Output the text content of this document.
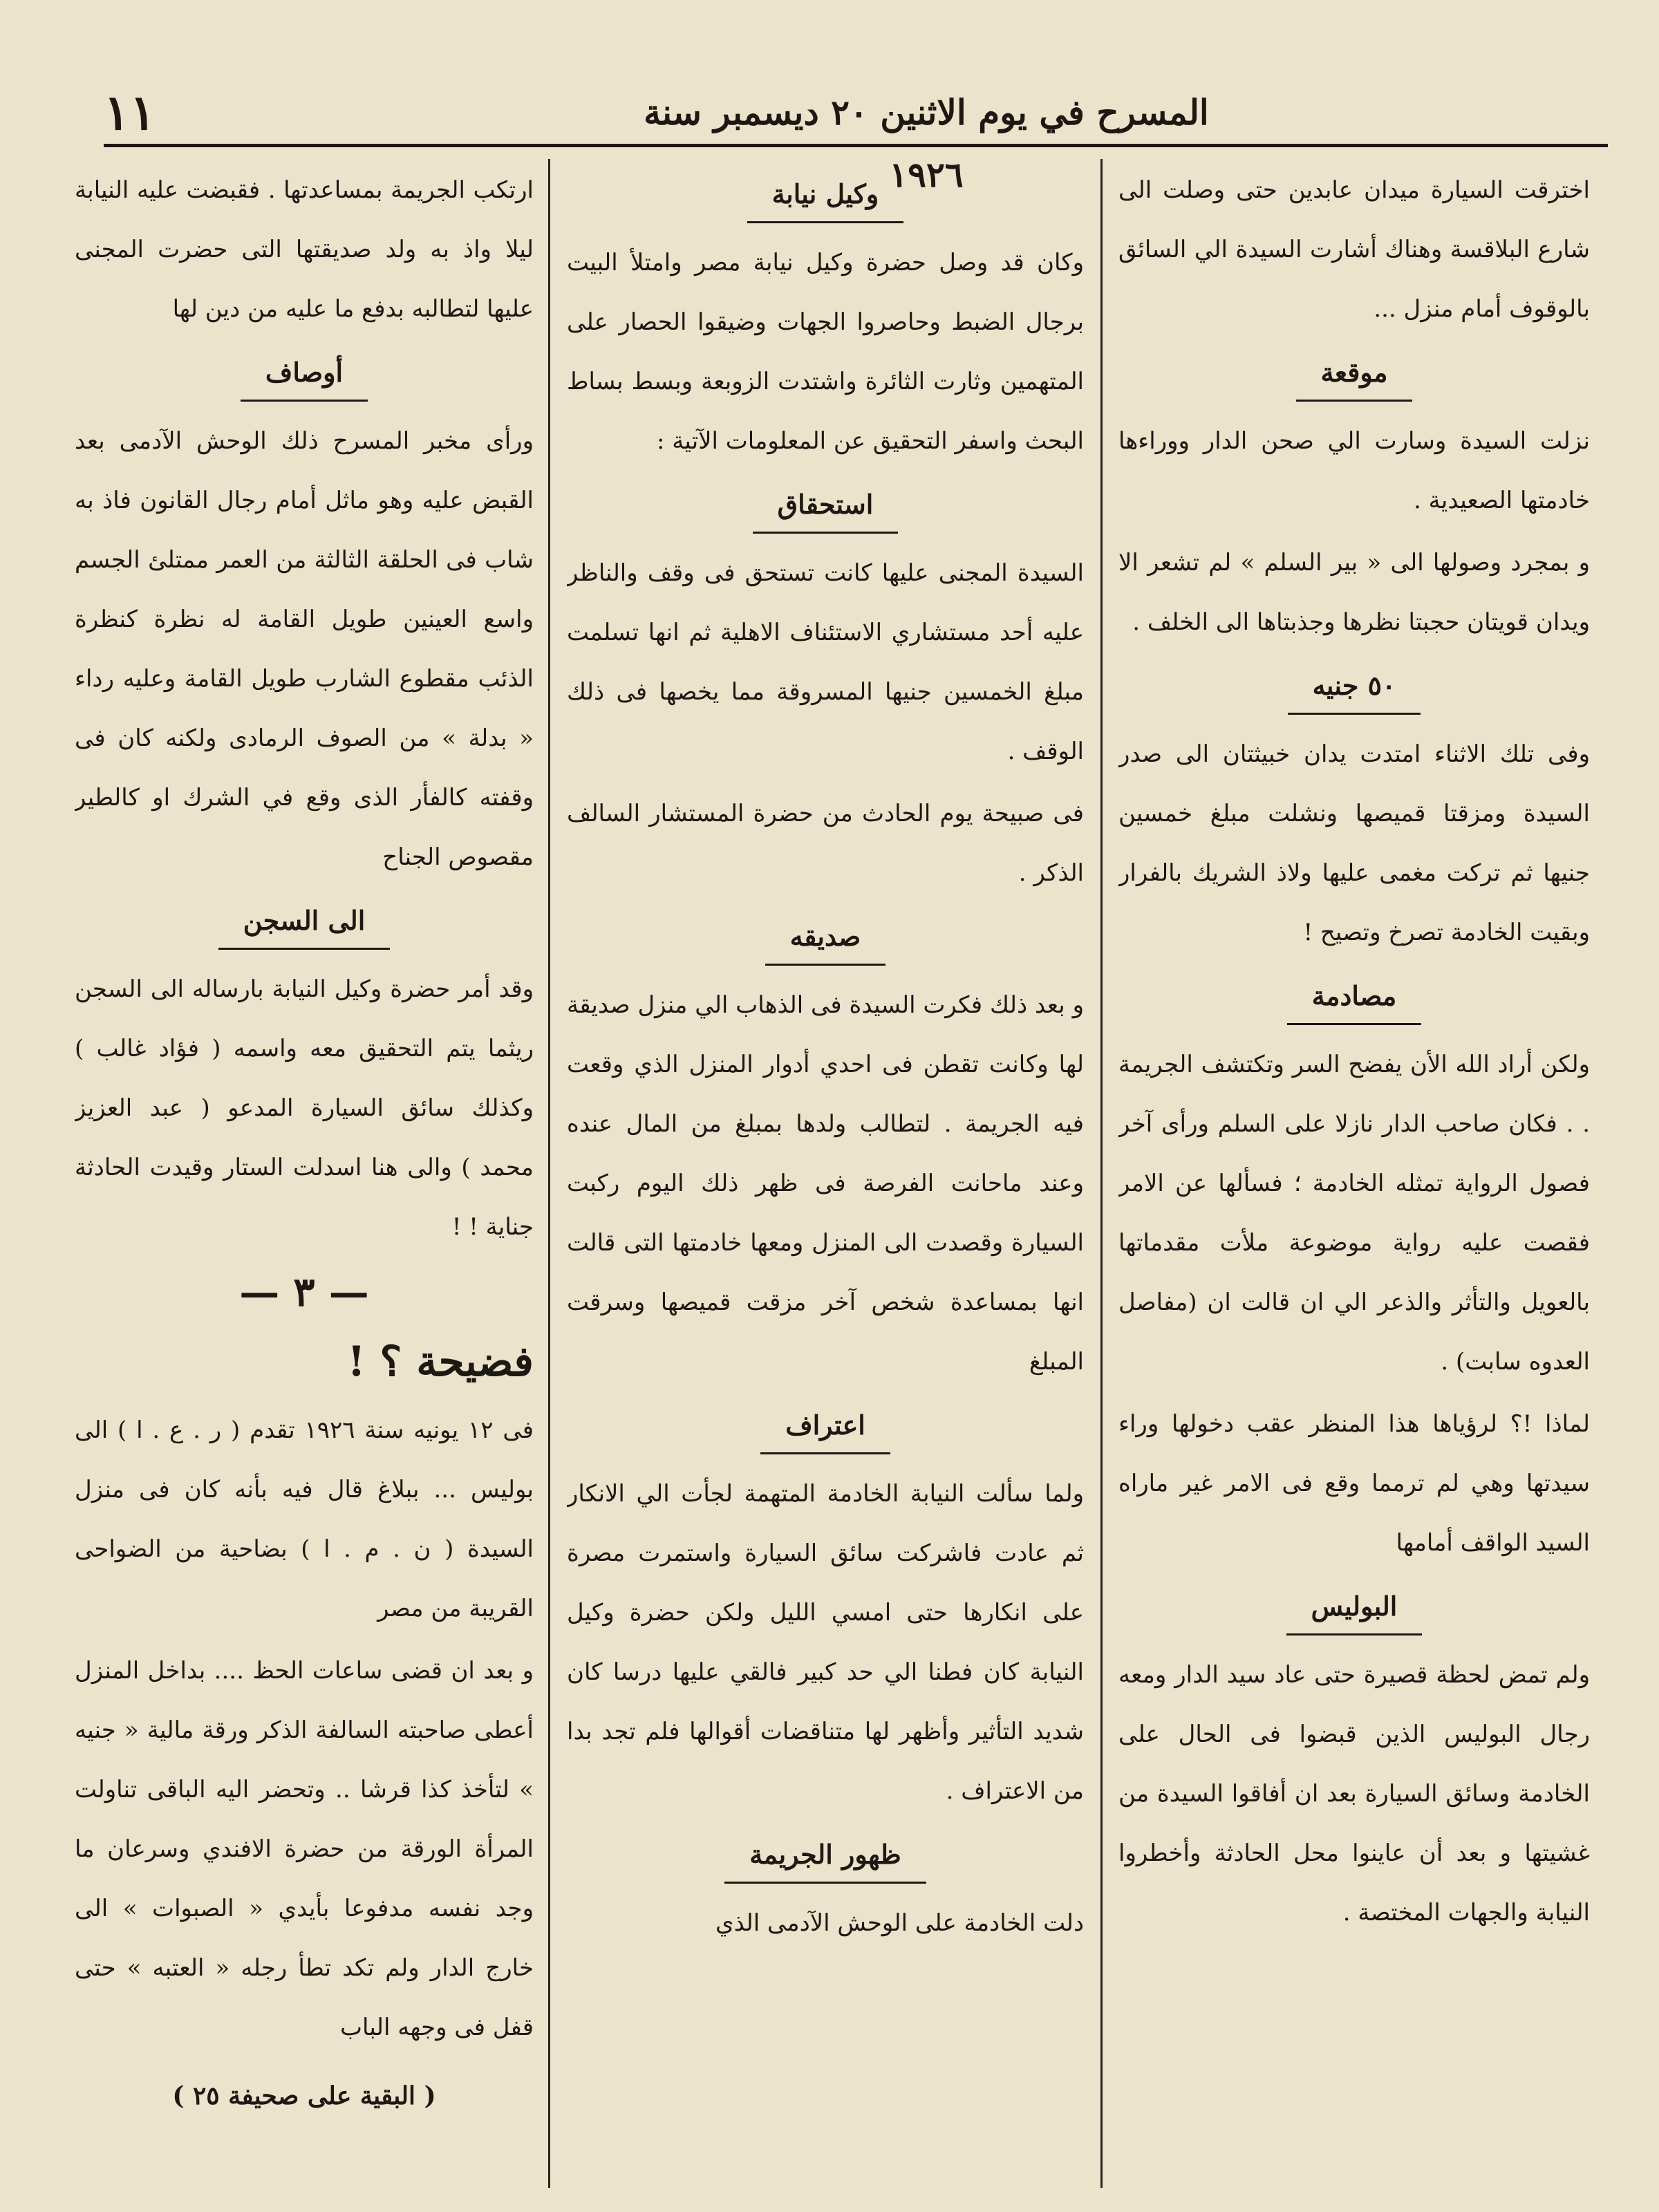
١١	المسرح في يوم الاثنين ٢٠ ديسمبر سنة ١٩٢٦	اخترقت السيارة ميدان عابدين حتى وصلت الى شارع البلاقسة وهناك أشارت السيدة الي السائق بالوقوف أمام منزل ...

موقعة

نزلت السيدة وسارت الي صحن الدار ووراءها خادمتها الصعيدية .

و بمجرد وصولها الى « بير السلم » لم تشعر الا ويدان قويتان حجبتا نظرها وجذبتاها الى الخلف .

٥٠ جنيه

وفى تلك الاثناء امتدت يدان خبيثتان الى صدر السيدة ومزقتا قميصها ونشلت مبلغ خمسين جنيها ثم تركت مغمى عليها ولاذ الشريك بالفرار وبقيت الخادمة تصرخ وتصيح !

مصادمة

ولكن أراد الله الأن يفضح السر وتكتشف الجريمة . . فكان صاحب الدار نازلا على السلم ورأى آخر فصول الرواية تمثله الخادمة ؛ فسألها عن الامر فقصت عليه رواية موضوعة ملأت مقدماتها بالعويل والتأثر والذعر الي ان قالت ان (مفاصل العدوه سابت) .

لماذا !؟ لرؤياها هذا المنظر عقب دخولها وراء سيدتها وهي لم ترمما وقع فى الامر غير ماراه السيد الواقف أمامها

البوليس

ولم تمض لحظة قصيرة حتى عاد سيد الدار ومعه رجال البوليس الذين قبضوا فى الحال على الخادمة وسائق السيارة بعد ان أفاقوا السيدة من غشيتها و بعد أن عاينوا محل الحادثة وأخطروا النيابة والجهات المختصة .

وكيل نيابة

وكان قد وصل حضرة وكيل نيابة مصر وامتلأ البيت برجال الضبط وحاصروا الجهات وضيقوا الحصار على المتهمين وثارت الثائرة واشتدت الزوبعة وبسط بساط البحث واسفر التحقيق عن المعلومات الآتية :

استحقاق

السيدة المجنى عليها كانت تستحق فى وقف والناظر عليه أحد مستشاري الاستئناف الاهلية ثم انها تسلمت مبلغ الخمسين جنيها المسروقة مما يخصها فى ذلك الوقف .

فى صبيحة يوم الحادث من حضرة المستشار السالف الذكر .

صديقه

و بعد ذلك فكرت السيدة فى الذهاب الي منزل صديقة لها وكانت تقطن فى احدي أدوار المنزل الذي وقعت فيه الجريمة . لتطالب ولدها بمبلغ من المال عنده وعند ماحانت الفرصة فى ظهر ذلك اليوم ركبت السيارة وقصدت الى المنزل ومعها خادمتها التى قالت انها بمساعدة شخص آخر مزقت قميصها وسرقت المبلغ

اعتراف

ولما سألت النيابة الخادمة المتهمة لجأت الي الانكار ثم عادت فاشركت سائق السيارة واستمرت مصرة على انكارها حتى امسي الليل ولكن حضرة وكيل النيابة كان فطنا الي حد كبير فالقي عليها درسا كان شديد التأثير وأظهر لها متناقضات أقوالها فلم تجد بدا من الاعتراف .

ظهور الجريمة

دلت الخادمة على الوحش الآدمى الذي

ارتكب الجريمة بمساعدتها . فقبضت عليه النيابة ليلا واذ به ولد صديقتها التى حضرت المجنى عليها لتطالبه بدفع ما عليه من دين لها

أوصاف

ورأى مخبر المسرح ذلك الوحش الآدمى بعد القبض عليه وهو ماثل أمام رجال القانون فاذ به شاب فى الحلقة الثالثة من العمر ممتلئ الجسم واسع العينين طويل القامة له نظرة كنظرة الذئب مقطوع الشارب طويل القامة وعليه رداء « بدلة » من الصوف الرمادى ولكنه كان فى وقفته كالفأر الذى وقع في الشرك او كالطير مقصوص الجناح

الى السجن

وقد أمر حضرة وكيل النيابة بارساله الى السجن ريثما يتم التحقيق معه واسمه ( فؤاد غالب ) وكذلك سائق السيارة المدعو ( عبد العزيز محمد ) والى هنا اسدلت الستار وقيدت الحادثة جناية ! !

— ٣ —
فضيحة ؟ !

فى ١٢ يونيه سنة ١٩٢٦ تقدم ( ر . ع . ا ) الى بوليس ... ببلاغ قال فيه بأنه كان فى منزل السيدة ( ن . م . ا ) بضاحية من الضواحى القريبة من مصر

و بعد ان قضى ساعات الحظ .... بداخل المنزل أعطى صاحبته السالفة الذكر ورقة مالية « جنيه » لتأخذ كذا قرشا .. وتحضر اليه الباقى تناولت المرأة الورقة من حضرة الافندي وسرعان ما وجد نفسه مدفوعا بأيدي « الصبوات » الى خارج الدار ولم تكد تطأ رجله « العتبه » حتى قفل فى وجهه الباب

( البقية على صحيفة ٢٥ )
